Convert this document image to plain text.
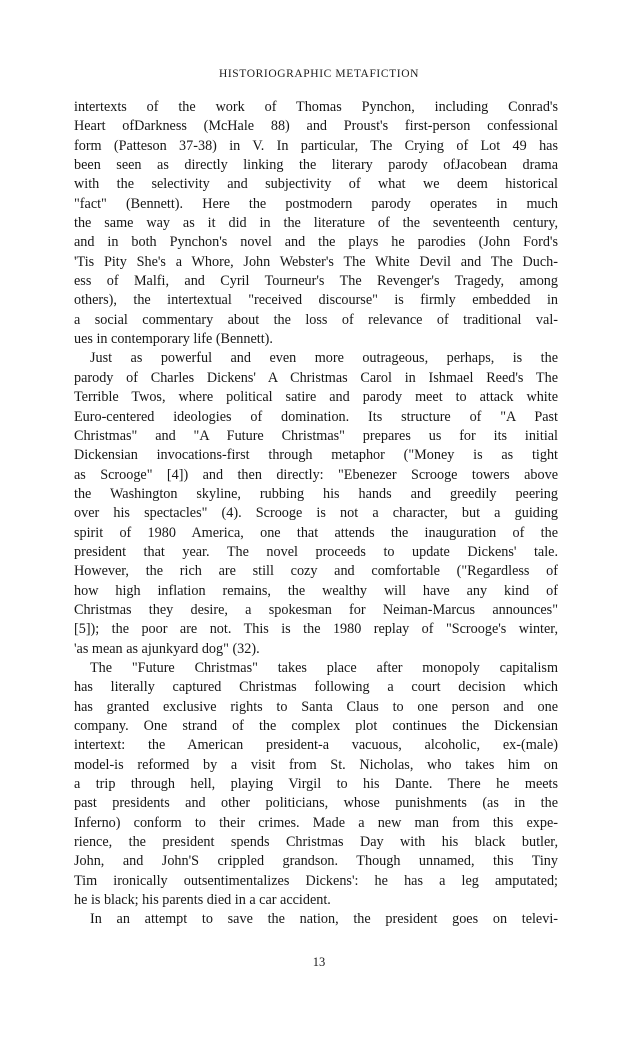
HISTORIOGRAPHIC METAFICTION
intertexts of the work of Thomas Pynchon, including Conrad's
Heart ofDarkness (McHale 88) and Proust's first-person confessional
form (Patteson 37-38) in V. In particular, The Crying of Lot 49 has
been seen as directly linking the literary parody ofJacobean drama
with the selectivity and subjectivity of what we deem historical
"fact" (Bennett). Here the postmodern parody operates in much
the same way as it did in the literature of the seventeenth century,
and in both Pynchon's novel and the plays he parodies (John Ford's
'Tis Pity She's a Whore, John Webster's The White Devil and The Duch-
ess of Malfi, and Cyril Tourneur's The Revenger's Tragedy, among
others), the intertextual "received discourse" is firmly embedded in
a social commentary about the loss of relevance of traditional val-
ues in contemporary life (Bennett).
Just as powerful and even more outrageous, perhaps, is the
parody of Charles Dickens' A Christmas Carol in Ishmael Reed's The
Terrible Twos, where political satire and parody meet to attack white
Euro-centered ideologies of domination. Its structure of "A Past
Christmas" and "A Future Christmas" prepares us for its initial
Dickensian invocations-first through metaphor ("Money is as tight
as Scrooge" [4]) and then directly: "Ebenezer Scrooge towers above
the Washington skyline, rubbing his hands and greedily peering
over his spectacles" (4). Scrooge is not a character, but a guiding
spirit of 1980 America, one that attends the inauguration of the
president that year. The novel proceeds to update Dickens' tale.
However, the rich are still cozy and comfortable ("Regardless of
how high inflation remains, the wealthy will have any kind of
Christmas they desire, a spokesman for Neiman-Marcus announces"
[5]); the poor are not. This is the 1980 replay of "Scrooge's winter,
'as mean as ajunkyard dog" (32).
The "Future Christmas" takes place after monopoly capitalism
has literally captured Christmas following a court decision which
has granted exclusive rights to Santa Claus to one person and one
company. One strand of the complex plot continues the Dickensian
intertext: the American president-a vacuous, alcoholic, ex-(male)
model-is reformed by a visit from St. Nicholas, who takes him on
a trip through hell, playing Virgil to his Dante. There he meets
past presidents and other politicians, whose punishments (as in the
Inferno) conform to their crimes. Made a new man from this expe-
rience, the president spends Christmas Day with his black butler,
John, and John'S crippled grandson. Though unnamed, this Tiny
Tim ironically outsentimentalizes Dickens': he has a leg amputated;
he is black; his parents died in a car accident.
In an attempt to save the nation, the president goes on televi-
13
